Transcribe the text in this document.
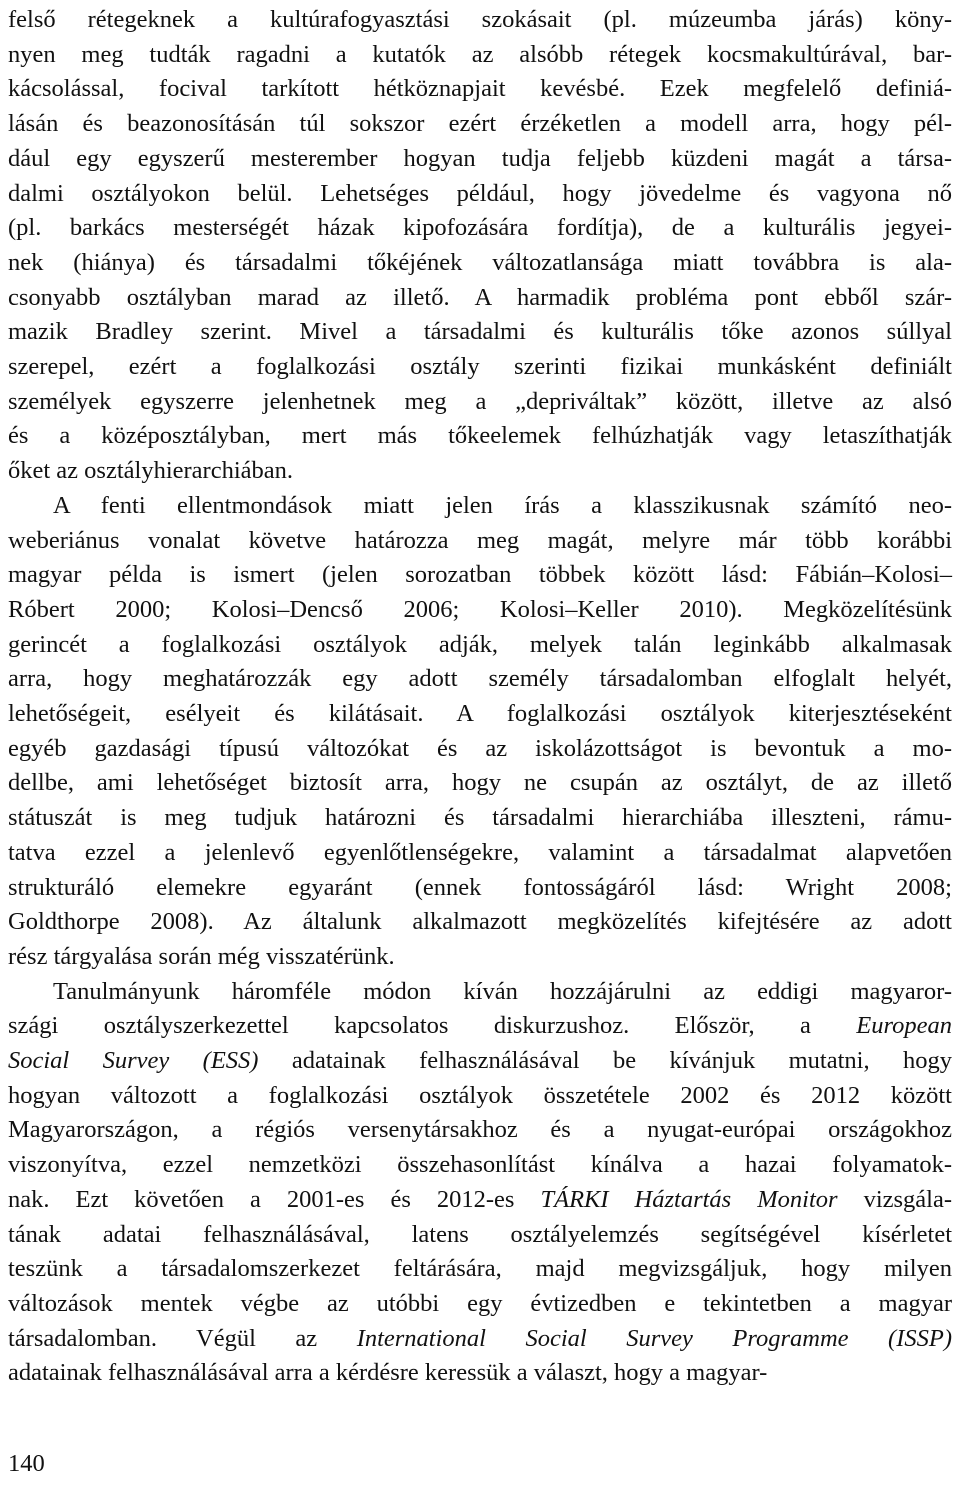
felső rétegeknek a kultúrafogyasztási szokásait (pl. múzeumba járás) köny-
nyen meg tudták ragadni a kutatók az alsóbb rétegek kocsmakultúrával, bar-
kácsolással, focival tarkított hétköznapjait kevésbé. Ezek megfelelő definiá-
lásán és beazonosításán túl sokszor ezért érzéketlen a modell arra, hogy pél-
dául egy egyszerű mesterember hogyan tudja feljebb küzdeni magát a társa-
dalmi osztályokon belül. Lehetséges például, hogy jövedelme és vagyona nő
(pl. barkács mesterségét házak kipofozására fordítja), de a kulturális jegyei-
nek (hiánya) és társadalmi tőkéjének változatlansága miatt továbbra is ala-
csonyabb osztályban marad az illető. A harmadik probléma pont ebből szár-
mazik Bradley szerint. Mivel a társadalmi és kulturális tőke azonos súllyal
szerepel, ezért a foglalkozási osztály szerinti fizikai munkásként definiált
személyek egyszerre jelenhetnek meg a „depriváltak” között, illetve az alsó
és a középosztályban, mert más tőkeelemek felhúzhatják vagy letaszíthatják
őket az osztályhierarchiában.
A fenti ellentmondások miatt jelen írás a klasszikusnak számító neo-
weberiánus vonalat követve határozza meg magát, melyre már több korábbi
magyar példa is ismert (jelen sorozatban többek között lásd: Fábián–Kolosi–
Róbert 2000; Kolosi–Dencső 2006; Kolosi–Keller 2010). Megközelítésünk
gerincét a foglalkozási osztályok adják, melyek talán leginkább alkalmasak
arra, hogy meghatározzák egy adott személy társadalomban elfoglalt helyét,
lehetőségeit, esélyeit és kilátásait. A foglalkozási osztályok kiterjesztéseként
egyéb gazdasági típusú változókat és az iskolázottságot is bevontuk a mo-
dellbe, ami lehetőséget biztosít arra, hogy ne csupán az osztályt, de az illető
státuszát is meg tudjuk határozni és társadalmi hierarchiába illeszteni, rámu-
tatva ezzel a jelenlevő egyenlőtlenségekre, valamint a társadalmat alapvetően
strukturáló elemekre egyaránt (ennek fontosságáról lásd: Wright 2008;
Goldthorpe 2008). Az általunk alkalmazott megközelítés kifejtésére az adott
rész tárgyalása során még visszatérünk.
Tanulmányunk háromféle módon kíván hozzájárulni az eddigi magyaror-
szági osztályszerkezettel kapcsolatos diskurzushoz. Először, a European
Social Survey (ESS) adatainak felhasználásával be kívánjuk mutatni, hogy
hogyan változott a foglalkozási osztályok összetétele 2002 és 2012 között
Magyarországon, a régiós versenytársakhoz és a nyugat-európai országokhoz
viszonyítva, ezzel nemzetközi összehasonlítást kínálva a hazai folyamatok-
nak. Ezt követően a 2001-es és 2012-es TÁRKI Háztartás Monitor vizsgála-
tának adatai felhasználásával, latens osztályelemzés segítségével kísérletet
teszünk a társadalomszerkezet feltárására, majd megvizsgáljuk, hogy milyen
változások mentek végbe az utóbbi egy évtizedben e tekintetben a magyar
társadalomban. Végül az International Social Survey Programme (ISSP)
adatainak felhasználásával arra a kérdésre keressük a választ, hogy a magyar-
140
